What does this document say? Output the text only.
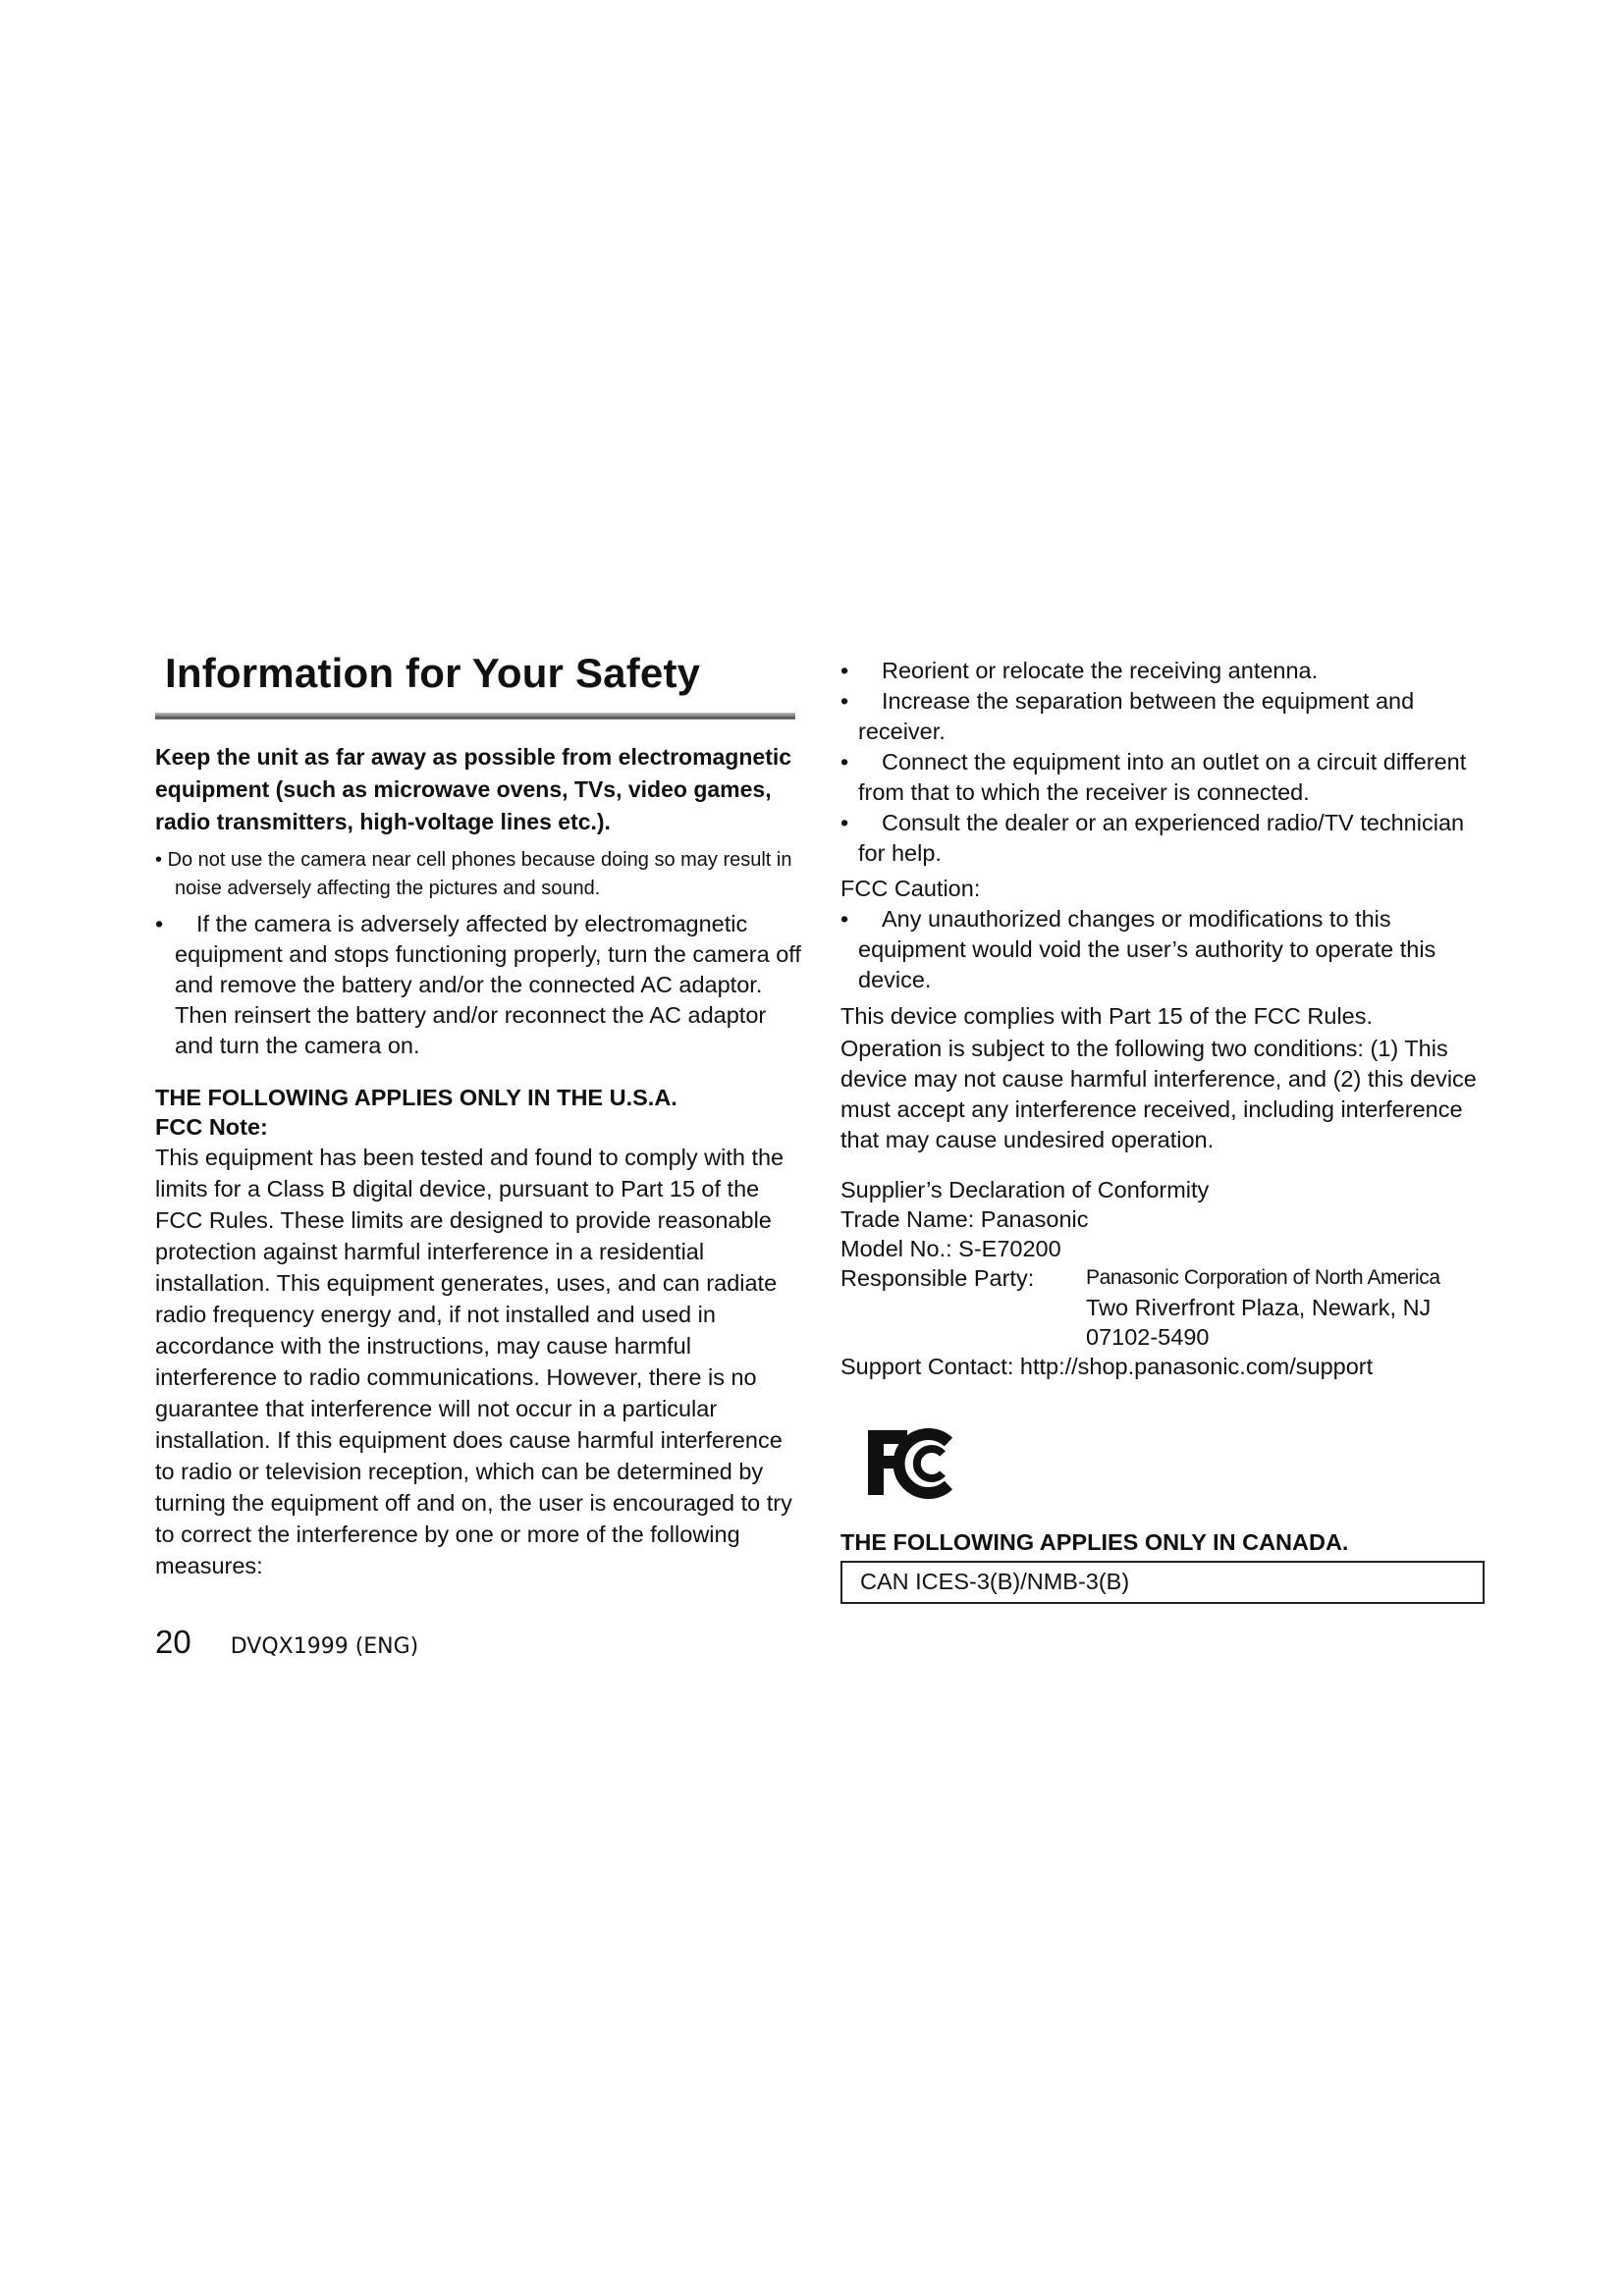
Information for Your Safety

Keep the unit as far away as possible from electromagnetic equipment (such as microwave ovens, TVs, video games, radio transmitters, high-voltage lines etc.).

• Do not use the camera near cell phones because doing so may result in noise adversely affecting the pictures and sound.

•	If the camera is adversely affected by electromagnetic equipment and stops functioning properly, turn the camera off and remove the battery and/or the connected AC adaptor. Then reinsert the battery and/or reconnect the AC adaptor and turn the camera on.

THE FOLLOWING APPLIES ONLY IN THE U.S.A.

FCC Note:

This equipment has been tested and found to comply with the limits for a Class B digital device, pursuant to Part 15 of the FCC Rules. These limits are designed to provide reasonable protection against harmful interference in a residential installation. This equipment generates, uses, and can radiate radio frequency energy and, if not installed and used in accordance with the instructions, may cause harmful interference to radio communications. However, there is no guarantee that interference will not occur in a particular installation. If this equipment does cause harmful interference to radio or television reception, which can be determined by turning the equipment off and on, the user is encouraged to try to correct the interference by one or more of the following measures:

•	Reorient or relocate the receiving antenna.
•	Increase the separation between the equipment and receiver.
•	Connect the equipment into an outlet on a circuit different from that to which the receiver is connected.
•	Consult the dealer or an experienced radio/TV technician for help.

FCC Caution:

•	Any unauthorized changes or modifications to this equipment would void the user’s authority to operate this device.

This device complies with Part 15 of the FCC Rules.

Operation is subject to the following two conditions: (1) This device may not cause harmful interference, and (2) this device must accept any interference received, including interference that may cause undesired operation.

Supplier’s Declaration of Conformity
Trade Name: Panasonic
Model No.: S-E70200
Responsible Party:	Panasonic Corporation of North America
Two Riverfront Plaza, Newark, NJ
07102-5490
Support Contact: http://shop.panasonic.com/support
THE FOLLOWING APPLIES ONLY IN CANADA.
CAN ICES-3(B)/NMB-3(B)
20 DVQX1999 (ENG)
